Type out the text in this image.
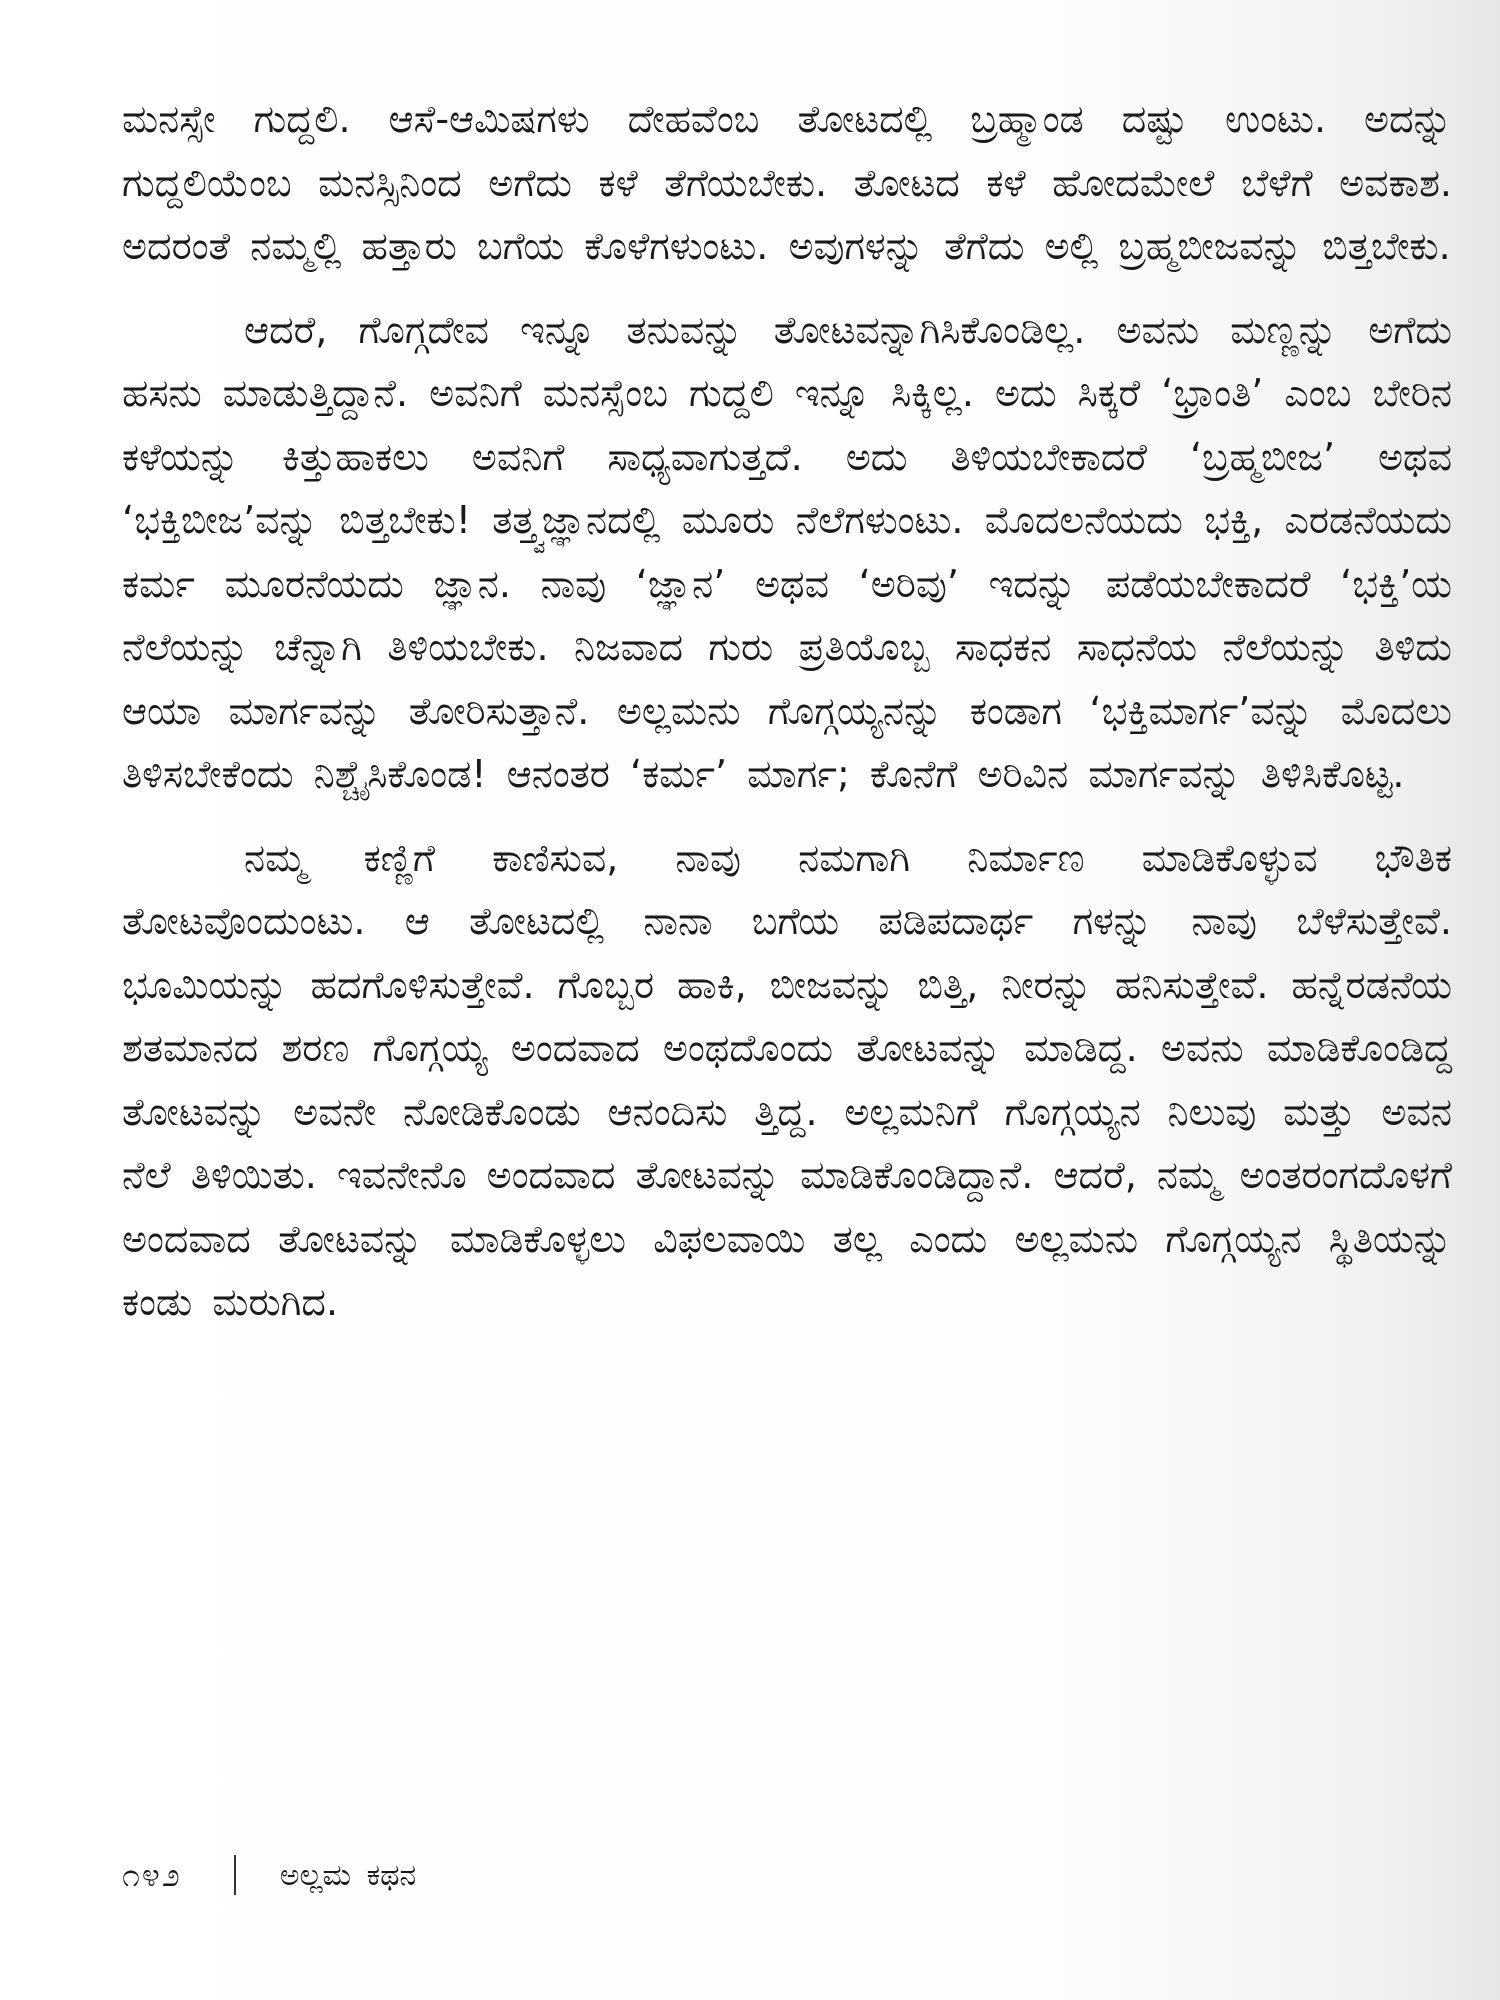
ಮನಸ್ಸೇ ಗುದ್ದಲಿ. ಆಸೆ-ಆಮಿಷಗಳು ದೇಹವೆಂಬ ತೋಟದಲ್ಲಿ ಬ್ರಹ್ಮಾಂಡ ದಷ್ಟು ಉಂಟು. ಅದನ್ನು ಗುದ್ದಲಿಯೆಂಬ ಮನಸ್ಸಿನಿಂದ ಅಗೆದು ಕಳೆ ತೆಗೆಯಬೇಕು. ತೋಟದ ಕಳೆ ಹೋದಮೇಲೆ ಬೆಳೆಗೆ ಅವಕಾಶ. ಅದರಂತೆ ನಮ್ಮಲ್ಲಿ ಹತ್ತಾರು ಬಗೆಯ ಕೊಳೆಗಳುಂಟು. ಅವುಗಳನ್ನು ತೆಗೆದು ಅಲ್ಲಿ ಬ್ರಹ್ಮಬೀಜವನ್ನು ಬಿತ್ತಬೇಕು.

ಆದರೆ, ಗೊಗ್ಗದೇವ ಇನ್ನೂ ತನುವನ್ನು ತೋಟವನ್ನಾಗಿಸಿಕೊಂಡಿಲ್ಲ. ಅವನು ಮಣ್ಣನ್ನು ಅಗೆದು ಹಸನು ಮಾಡುತ್ತಿದ್ದಾನೆ. ಅವನಿಗೆ ಮನಸ್ಸೆಂಬ ಗುದ್ದಲಿ ಇನ್ನೂ ಸಿಕ್ಕಿಲ್ಲ. ಅದು ಸಿಕ್ಕರೆ ‘ಭ್ರಾಂತಿ’ ಎಂಬ ಬೇರಿನ ಕಳೆಯನ್ನು ಕಿತ್ತುಹಾಕಲು ಅವನಿಗೆ ಸಾಧ್ಯವಾಗುತ್ತದೆ. ಅದು ತಿಳಿಯಬೇಕಾದರೆ ‘ಬ್ರಹ್ಮಬೀಜ’ ಅಥವ ‘ಭಕ್ತಿಬೀಜ’ವನ್ನು ಬಿತ್ತಬೇಕು! ತತ್ತ್ವಜ್ಞಾನದಲ್ಲಿ ಮೂರು ನೆಲೆಗಳುಂಟು. ಮೊದಲನೆಯದು ಭಕ್ತಿ, ಎರಡನೆಯದು ಕರ್ಮ ಮೂರನೆಯದು ಜ್ಞಾನ. ನಾವು ‘ಜ್ಞಾನ’ ಅಥವ ‘ಅರಿವು’ ಇದನ್ನು ಪಡೆಯಬೇಕಾದರೆ ‘ಭಕ್ತಿ’ಯ ನೆಲೆಯನ್ನು ಚೆನ್ನಾಗಿ ತಿಳಿಯಬೇಕು. ನಿಜವಾದ ಗುರು ಪ್ರತಿಯೊಬ್ಬ ಸಾಧಕನ ಸಾಧನೆಯ ನೆಲೆಯನ್ನು ತಿಳಿದು ಆಯಾ ಮಾರ್ಗವನ್ನು ತೋರಿಸುತ್ತಾನೆ. ಅಲ್ಲಮನು ಗೊಗ್ಗಯ್ಯನನ್ನು ಕಂಡಾಗ ‘ಭಕ್ತಿಮಾರ್ಗ’ವನ್ನು ಮೊದಲು ತಿಳಿಸಬೇಕೆಂದು ನಿಶ್ಚೈಸಿಕೊಂಡ! ಆನಂತರ ‘ಕರ್ಮ’ ಮಾರ್ಗ; ಕೊನೆಗೆ ಅರಿವಿನ ಮಾರ್ಗವನ್ನು ತಿಳಿಸಿಕೊಟ್ಟ.

ನಮ್ಮ ಕಣ್ಣಿಗೆ ಕಾಣಿಸುವ, ನಾವು ನಮಗಾಗಿ ನಿರ್ಮಾಣ ಮಾಡಿಕೊಳ್ಳುವ ಭೌತಿಕ ತೋಟವೊಂದುಂಟು. ಆ ತೋಟದಲ್ಲಿ ನಾನಾ ಬಗೆಯ ಪಡಿಪದಾರ್ಥ ಗಳನ್ನು ನಾವು ಬೆಳೆಸುತ್ತೇವೆ. ಭೂಮಿಯನ್ನು ಹದಗೊಳಿಸುತ್ತೇವೆ. ಗೊಬ್ಬರ ಹಾಕಿ, ಬೀಜವನ್ನು ಬಿತ್ತಿ, ನೀರನ್ನು ಹನಿಸುತ್ತೇವೆ. ಹನ್ನೆರಡನೆಯ ಶತಮಾನದ ಶರಣ ಗೊಗ್ಗಯ್ಯ ಅಂದವಾದ ಅಂಥದೊಂದು ತೋಟವನ್ನು ಮಾಡಿದ್ದ. ಅವನು ಮಾಡಿಕೊಂಡಿದ್ದ ತೋಟವನ್ನು ಅವನೇ ನೋಡಿಕೊಂಡು ಆನಂದಿಸು ತ್ತಿದ್ದ. ಅಲ್ಲಮನಿಗೆ ಗೊಗ್ಗಯ್ಯನ ನಿಲುವು ಮತ್ತು ಅವನ ನೆಲೆ ತಿಳಿಯಿತು. ಇವನೇನೊ ಅಂದವಾದ ತೋಟವನ್ನು ಮಾಡಿಕೊಂಡಿದ್ದಾನೆ. ಆದರೆ, ನಮ್ಮ ಅಂತರಂಗದೊಳಗೆ ಅಂದವಾದ ತೋಟವನ್ನು ಮಾಡಿಕೊಳ್ಳಲು ವಿಫಲವಾಯಿ ತಲ್ಲ ಎಂದು ಅಲ್ಲಮನು ಗೊಗ್ಗಯ್ಯನ ಸ್ಥಿತಿಯನ್ನು ಕಂಡು ಮರುಗಿದ.

೧೪೨	ಅಲ್ಲಮ ಕಥನ
